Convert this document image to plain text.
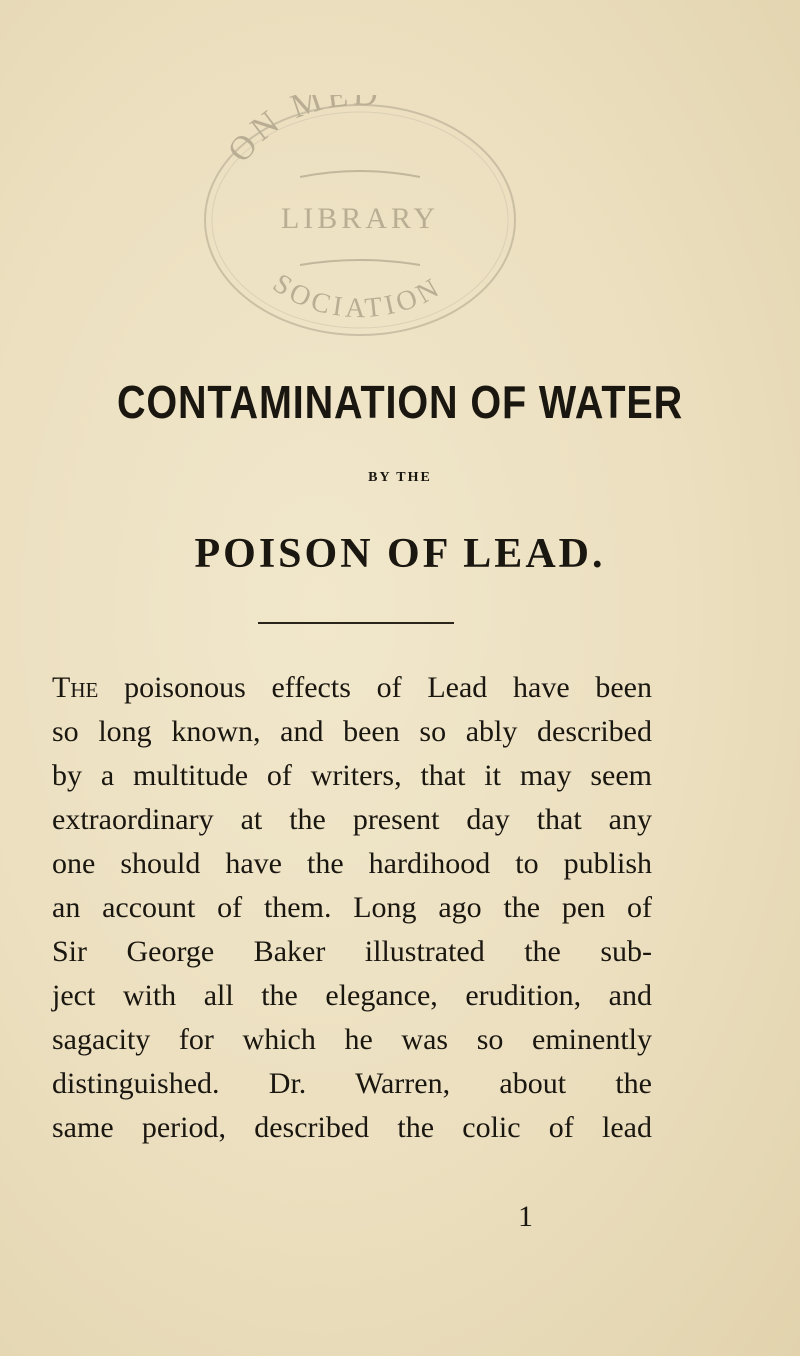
ON ME
LIBRARY
SOCIATION
CONTAMINATION OF WATER

BY THE

POISON OF LEAD.
The poisonous effects of Lead have been
so long known, and been so ably described
by a multitude of writers, that it may seem
extraordinary at the present day that any
one should have the hardihood to publish
an account of them. Long ago the pen of
Sir George Baker illustrated the sub-
ject with all the elegance, erudition, and
sagacity for which he was so eminently
distinguished. Dr. Warren, about the
same period, described the colic of lead
1
